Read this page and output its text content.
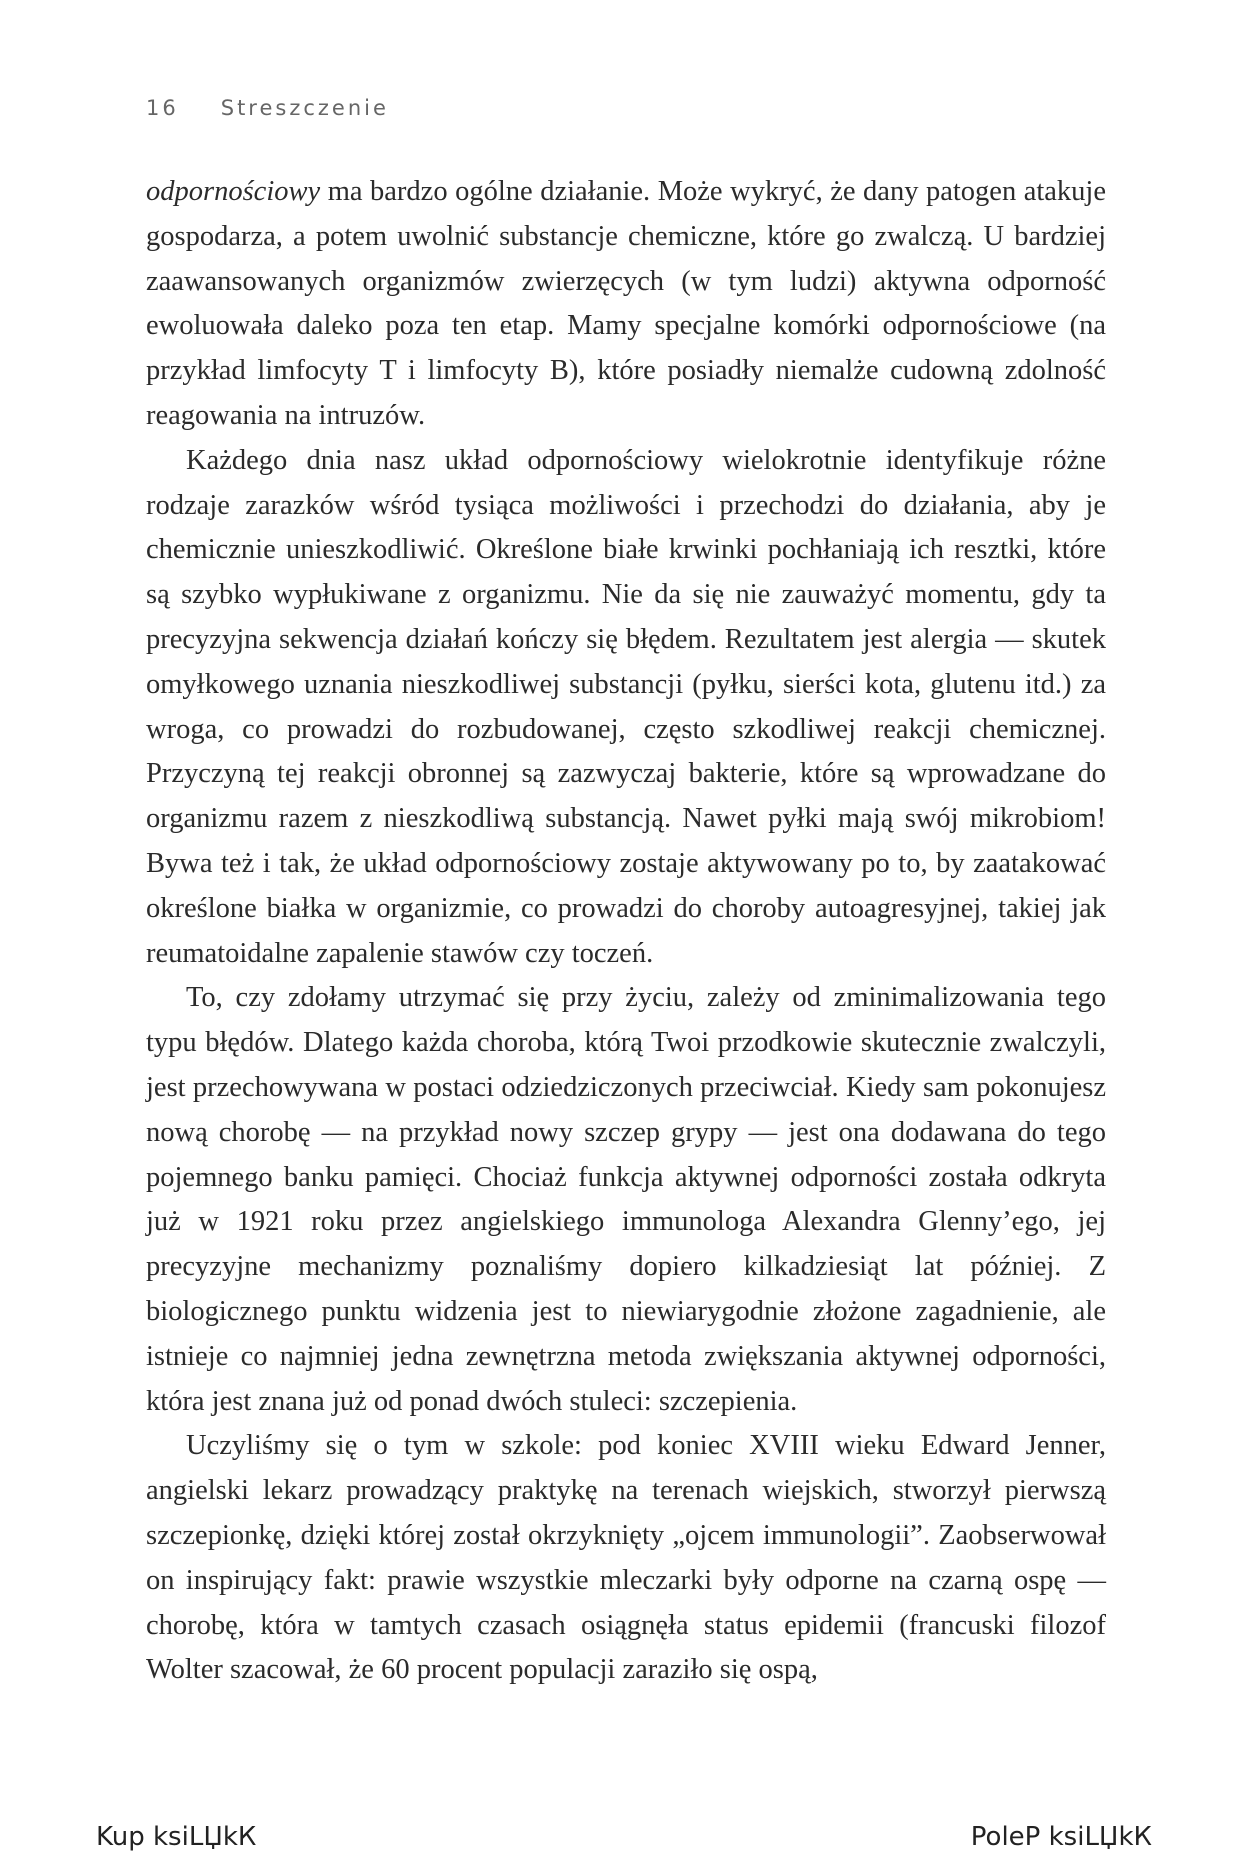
16 Streszczenie

odpornościowy ma bardzo ogólne działanie. Może wykryć, że dany patogen atakuje gospodarza, a potem uwolnić substancje chemiczne, które go zwalczą. U bardziej zaawansowanych organizmów zwierzęcych (w tym ludzi) aktywna odporność ewoluowała daleko poza ten etap. Mamy specjalne komórki odpornościowe (na przykład limfocyty T i limfocyty B), które posiadły niemalże cudowną zdolność reagowania na intruzów.

Każdego dnia nasz układ odpornościowy wielokrotnie identyfikuje różne rodzaje zarazków wśród tysiąca możliwości i przechodzi do działania, aby je chemicznie unieszkodliwić. Określone białe krwinki pochłaniają ich resztki, które są szybko wypłukiwane z organizmu. Nie da się nie zauważyć momentu, gdy ta precyzyjna sekwencja działań kończy się błędem. Rezultatem jest alergia — skutek omyłkowego uznania nieszkodliwej substancji (pyłku, sierści kota, glutenu itd.) za wroga, co prowadzi do rozbudowanej, często szkodliwej reakcji chemicznej. Przyczyną tej reakcji obronnej są zazwyczaj bakterie, które są wprowadzane do organizmu razem z nieszkodliwą substancją. Nawet pyłki mają swój mikrobiom! Bywa też i tak, że układ odpornościowy zostaje aktywowany po to, by zaatakować określone białka w organizmie, co prowadzi do choroby autoagresyjnej, takiej jak reumatoidalne zapalenie stawów czy toczeń.

To, czy zdołamy utrzymać się przy życiu, zależy od zminimalizowania tego typu błędów. Dlatego każda choroba, którą Twoi przodkowie skutecznie zwalczyli, jest przechowywana w postaci odziedziczonych przeciwciał. Kiedy sam pokonujesz nową chorobę — na przykład nowy szczep grypy — jest ona dodawana do tego pojemnego banku pamięci. Chociaż funkcja aktywnej odporności została odkryta już w 1921 roku przez angielskiego immunologa Alexandra Glenny’ego, jej precyzyjne mechanizmy poznaliśmy dopiero kilkadziesiąt lat później. Z biologicznego punktu widzenia jest to niewiarygodnie złożone zagadnienie, ale istnieje co najmniej jedna zewnętrzna metoda zwiększania aktywnej odporności, która jest znana już od ponad dwóch stuleci: szczepienia.

Uczyliśmy się o tym w szkole: pod koniec XVIII wieku Edward Jenner, angielski lekarz prowadzący praktykę na terenach wiejskich, stworzył pierwszą szczepionkę, dzięki której został okrzyknięty „ojcem immunologii”. Zaobserwował on inspirujący fakt: prawie wszystkie mleczarki były odporne na czarną ospę — chorobę, która w tamtych czasach osiągnęła status epidemii (francuski filozof Wolter szacował, że 60 procent populacji zaraziło się ospą,

Kup ksiLЏkК	PoleР ksiLЏkК
